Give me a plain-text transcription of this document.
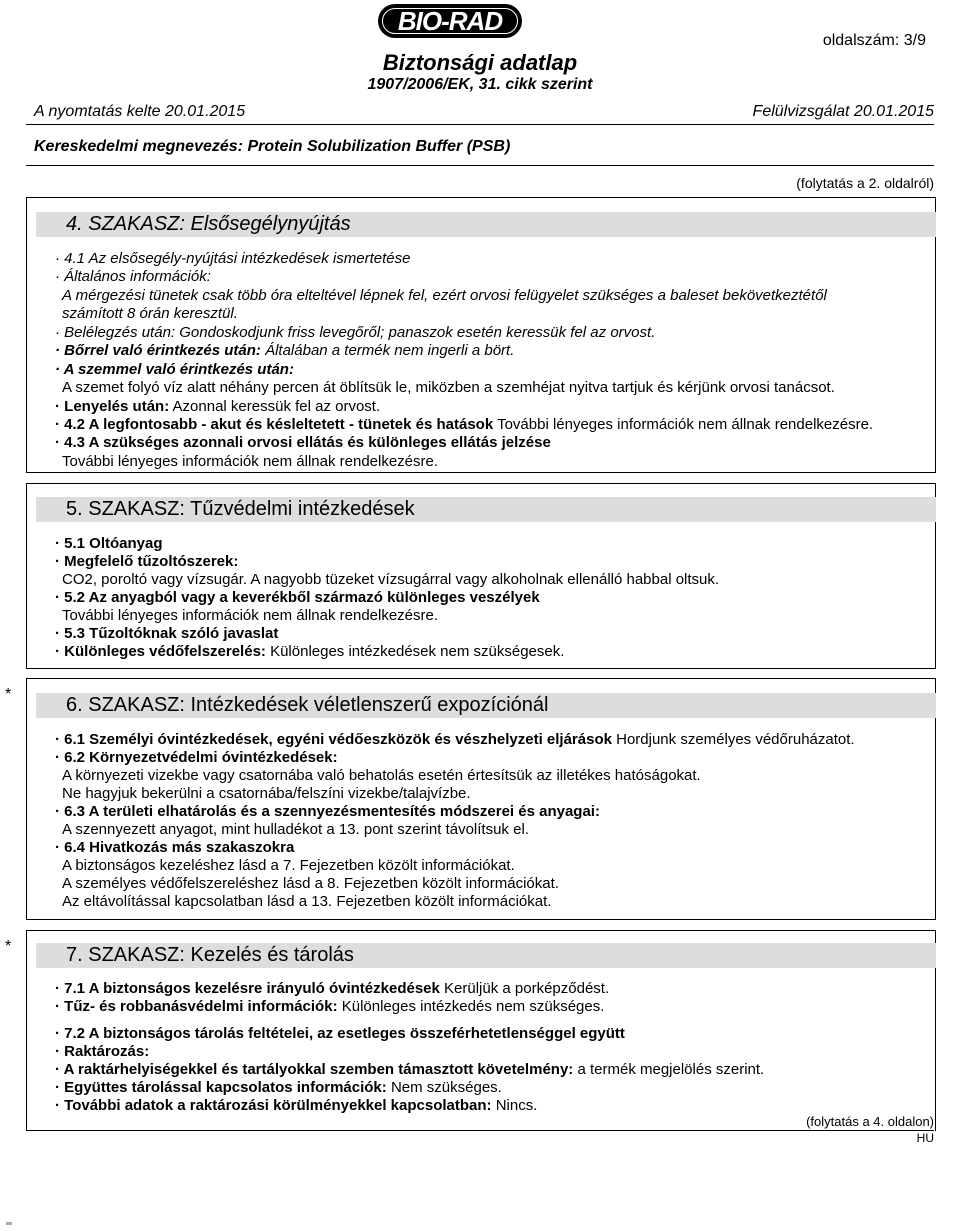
BIO-RAD
oldalszám: 3/9
Biztonsági adatlap
1907/2006/EK, 31. cikk szerint
A nyomtatás kelte 20.01.2015	Felülvizsgálat 20.01.2015
Kereskedelmi megnevezés: Protein Solubilization Buffer (PSB)
(folytatás a 2. oldalról)
4. SZAKASZ: Elsősegélynyújtás
· 4.1 Az elsősegély-nyújtási intézkedések ismertetése
· Általános információk:
A mérgezési tünetek csak több óra elteltével lépnek fel, ezért orvosi felügyelet szükséges a baleset bekövetkeztétől
számított 8 órán keresztül.
· Belélegzés után: Gondoskodjunk friss levegőről; panaszok esetén keressük fel az orvost.
· Bőrrel való érintkezés után: Általában a termék nem ingerli a bört.
· A szemmel való érintkezés után:
A szemet folyó víz alatt néhány percen át öblítsük le, miközben a szemhéjat nyitva tartjuk és kérjünk orvosi tanácsot.
· Lenyelés után: Azonnal keressük fel az orvost.
· 4.2 A legfontosabb - akut és késleltetett - tünetek és hatások További lényeges információk nem állnak rendelkezésre.
· 4.3 A szükséges azonnali orvosi ellátás és különleges ellátás jelzése
További lényeges információk nem állnak rendelkezésre.
5. SZAKASZ: Tűzvédelmi intézkedések
· 5.1 Oltóanyag
· Megfelelő tűzoltószerek:
CO2, poroltó vagy vízsugár. A nagyobb tüzeket vízsugárral vagy alkoholnak ellenálló habbal oltsuk.
· 5.2 Az anyagból vagy a keverékből származó különleges veszélyek
További lényeges információk nem állnak rendelkezésre.
· 5.3 Tűzoltóknak szóló javaslat
· Különleges védőfelszerelés: Különleges intézkedések nem szükségesek.
*	6. SZAKASZ: Intézkedések véletlenszerű expozíciónál
· 6.1 Személyi óvintézkedések, egyéni védőeszközök és vészhelyzeti eljárások Hordjunk személyes védőruházatot.
· 6.2 Környezetvédelmi óvintézkedések:
A környezeti vizekbe vagy csatornába való behatolás esetén értesítsük az illetékes hatóságokat.
Ne hagyjuk bekerülni a csatornába/felszíni vizekbe/talajvízbe.
· 6.3 A területi elhatárolás és a szennyezésmentesítés módszerei és anyagai:
A szennyezett anyagot, mint hulladékot a 13. pont szerint távolítsuk el.
· 6.4 Hivatkozás más szakaszokra
A biztonságos kezeléshez lásd a 7. Fejezetben közölt információkat.
A személyes védőfelszereléshez lásd a 8. Fejezetben közölt információkat.
Az eltávolítással kapcsolatban lásd a 13. Fejezetben közölt információkat.
*	7. SZAKASZ: Kezelés és tárolás
· 7.1 A biztonságos kezelésre irányuló óvintézkedések Kerüljük a porképződést.
· Tűz- és robbanásvédelmi információk: Különleges intézkedés nem szükséges.
· 7.2 A biztonságos tárolás feltételei, az esetleges összeférhetetlenséggel együtt
· Raktározás:
· A raktárhelyiségekkel és tartályokkal szemben támasztott követelmény: a termék megjelölés szerint.
· Együttes tárolással kapcsolatos információk: Nem szükséges.
· További adatok a raktározási körülményekkel kapcsolatban: Nincs.
(folytatás a 4. oldalon)
HU
